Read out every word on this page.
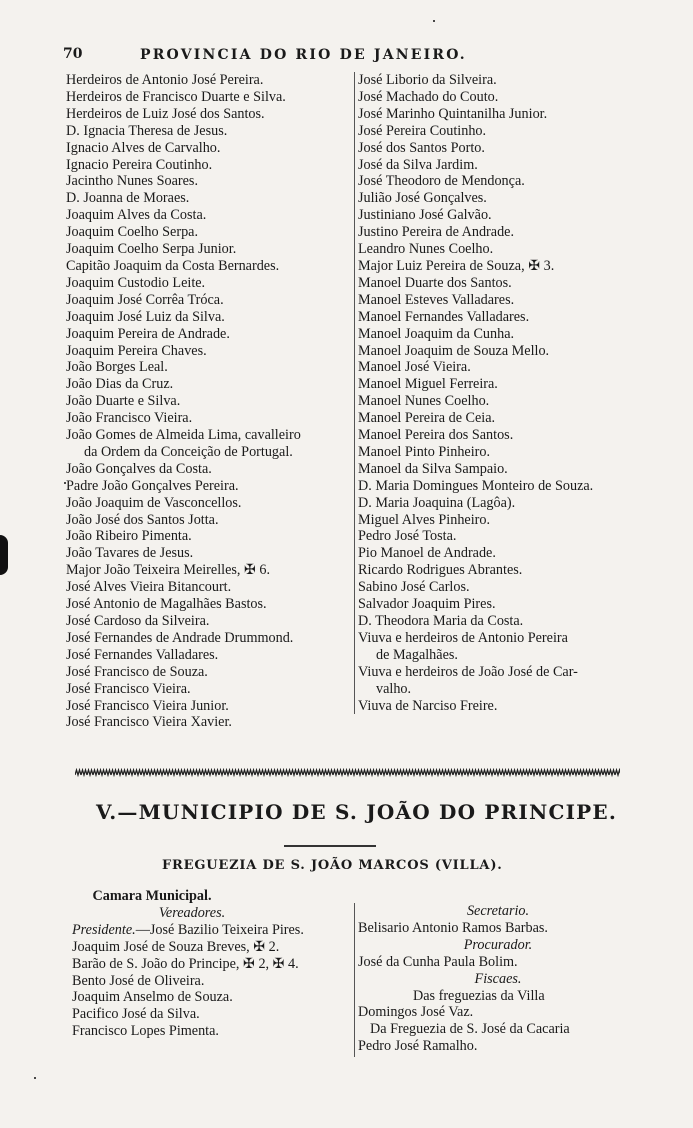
70	PROVINCIA DO RIO DE JANEIRO.
Herdeiros de Antonio José Pereira.
Herdeiros de Francisco Duarte e Silva.
Herdeiros de Luiz José dos Santos.
D. Ignacia Theresa de Jesus.
Ignacio Alves de Carvalho.
Ignacio Pereira Coutinho.
Jacintho Nunes Soares.
D. Joanna de Moraes.
Joaquim Alves da Costa.
Joaquim Coelho Serpa.
Joaquim Coelho Serpa Junior.
Capitão Joaquim da Costa Bernardes.
Joaquim Custodio Leite.
Joaquim José Corrêa Tróca.
Joaquim José Luiz da Silva.
Joaquim Pereira de Andrade.
Joaquim Pereira Chaves.
João Borges Leal.
João Dias da Cruz.
João Duarte e Silva.
João Francisco Vieira.
João Gomes de Almeida Lima, cavalleiro
da Ordem da Conceição de Portugal.
João Gonçalves da Costa.
Padre João Gonçalves Pereira.
João Joaquim de Vasconcellos.
João José dos Santos Jotta.
João Ribeiro Pimenta.
João Tavares de Jesus.
Major João Teixeira Meirelles, ✠ 6.
José Alves Vieira Bitancourt.
José Antonio de Magalhães Bastos.
José Cardoso da Silveira.
José Fernandes de Andrade Drummond.
José Fernandes Valladares.
José Francisco de Souza.
José Francisco Vieira.
José Francisco Vieira Junior.
José Francisco Vieira Xavier.
José Liborio da Silveira.
José Machado do Couto.
José Marinho Quintanilha Junior.
José Pereira Coutinho.
José dos Santos Porto.
José da Silva Jardim.
José Theodoro de Mendonça.
Julião José Gonçalves.
Justiniano José Galvão.
Justino Pereira de Andrade.
Leandro Nunes Coelho.
Major Luiz Pereira de Souza, ✠ 3.
Manoel Duarte dos Santos.
Manoel Esteves Valladares.
Manoel Fernandes Valladares.
Manoel Joaquim da Cunha.
Manoel Joaquim de Souza Mello.
Manoel José Vieira.
Manoel Miguel Ferreira.
Manoel Nunes Coelho.
Manoel Pereira de Ceia.
Manoel Pereira dos Santos.
Manoel Pinto Pinheiro.
Manoel da Silva Sampaio.
D. Maria Domingues Monteiro de Souza.
D. Maria Joaquina (Lagôa).
Miguel Alves Pinheiro.
Pedro José Tosta.
Pio Manoel de Andrade.
Ricardo Rodrigues Abrantes.
Sabino José Carlos.
Salvador Joaquim Pires.
D. Theodora Maria da Costa.
Viuva e herdeiros de Antonio Pereira
de Magalhães.
Viuva e herdeiros de João José de Car-
valho.
Viuva de Narciso Freire.
V.—MUNICIPIO DE S. JOÃO DO PRINCIPE.
FREGUEZIA DE S. JOÃO MARCOS (VILLA).
Camara Municipal.
Vereadores.
Presidente.—José Bazilio Teixeira Pires.
Joaquim José de Souza Breves, ✠ 2.
Barão de S. João do Principe, ✠ 2, ✠ 4.
Bento José de Oliveira.
Joaquim Anselmo de Souza.
Pacifico José da Silva.
Francisco Lopes Pimenta.
Secretario.
Belisario Antonio Ramos Barbas.
Procurador.
José da Cunha Paula Bolim.
Fiscaes.
Das freguezias da Villa
Domingos José Vaz.
Da Freguezia de S. José da Cacaria
Pedro José Ramalho.
